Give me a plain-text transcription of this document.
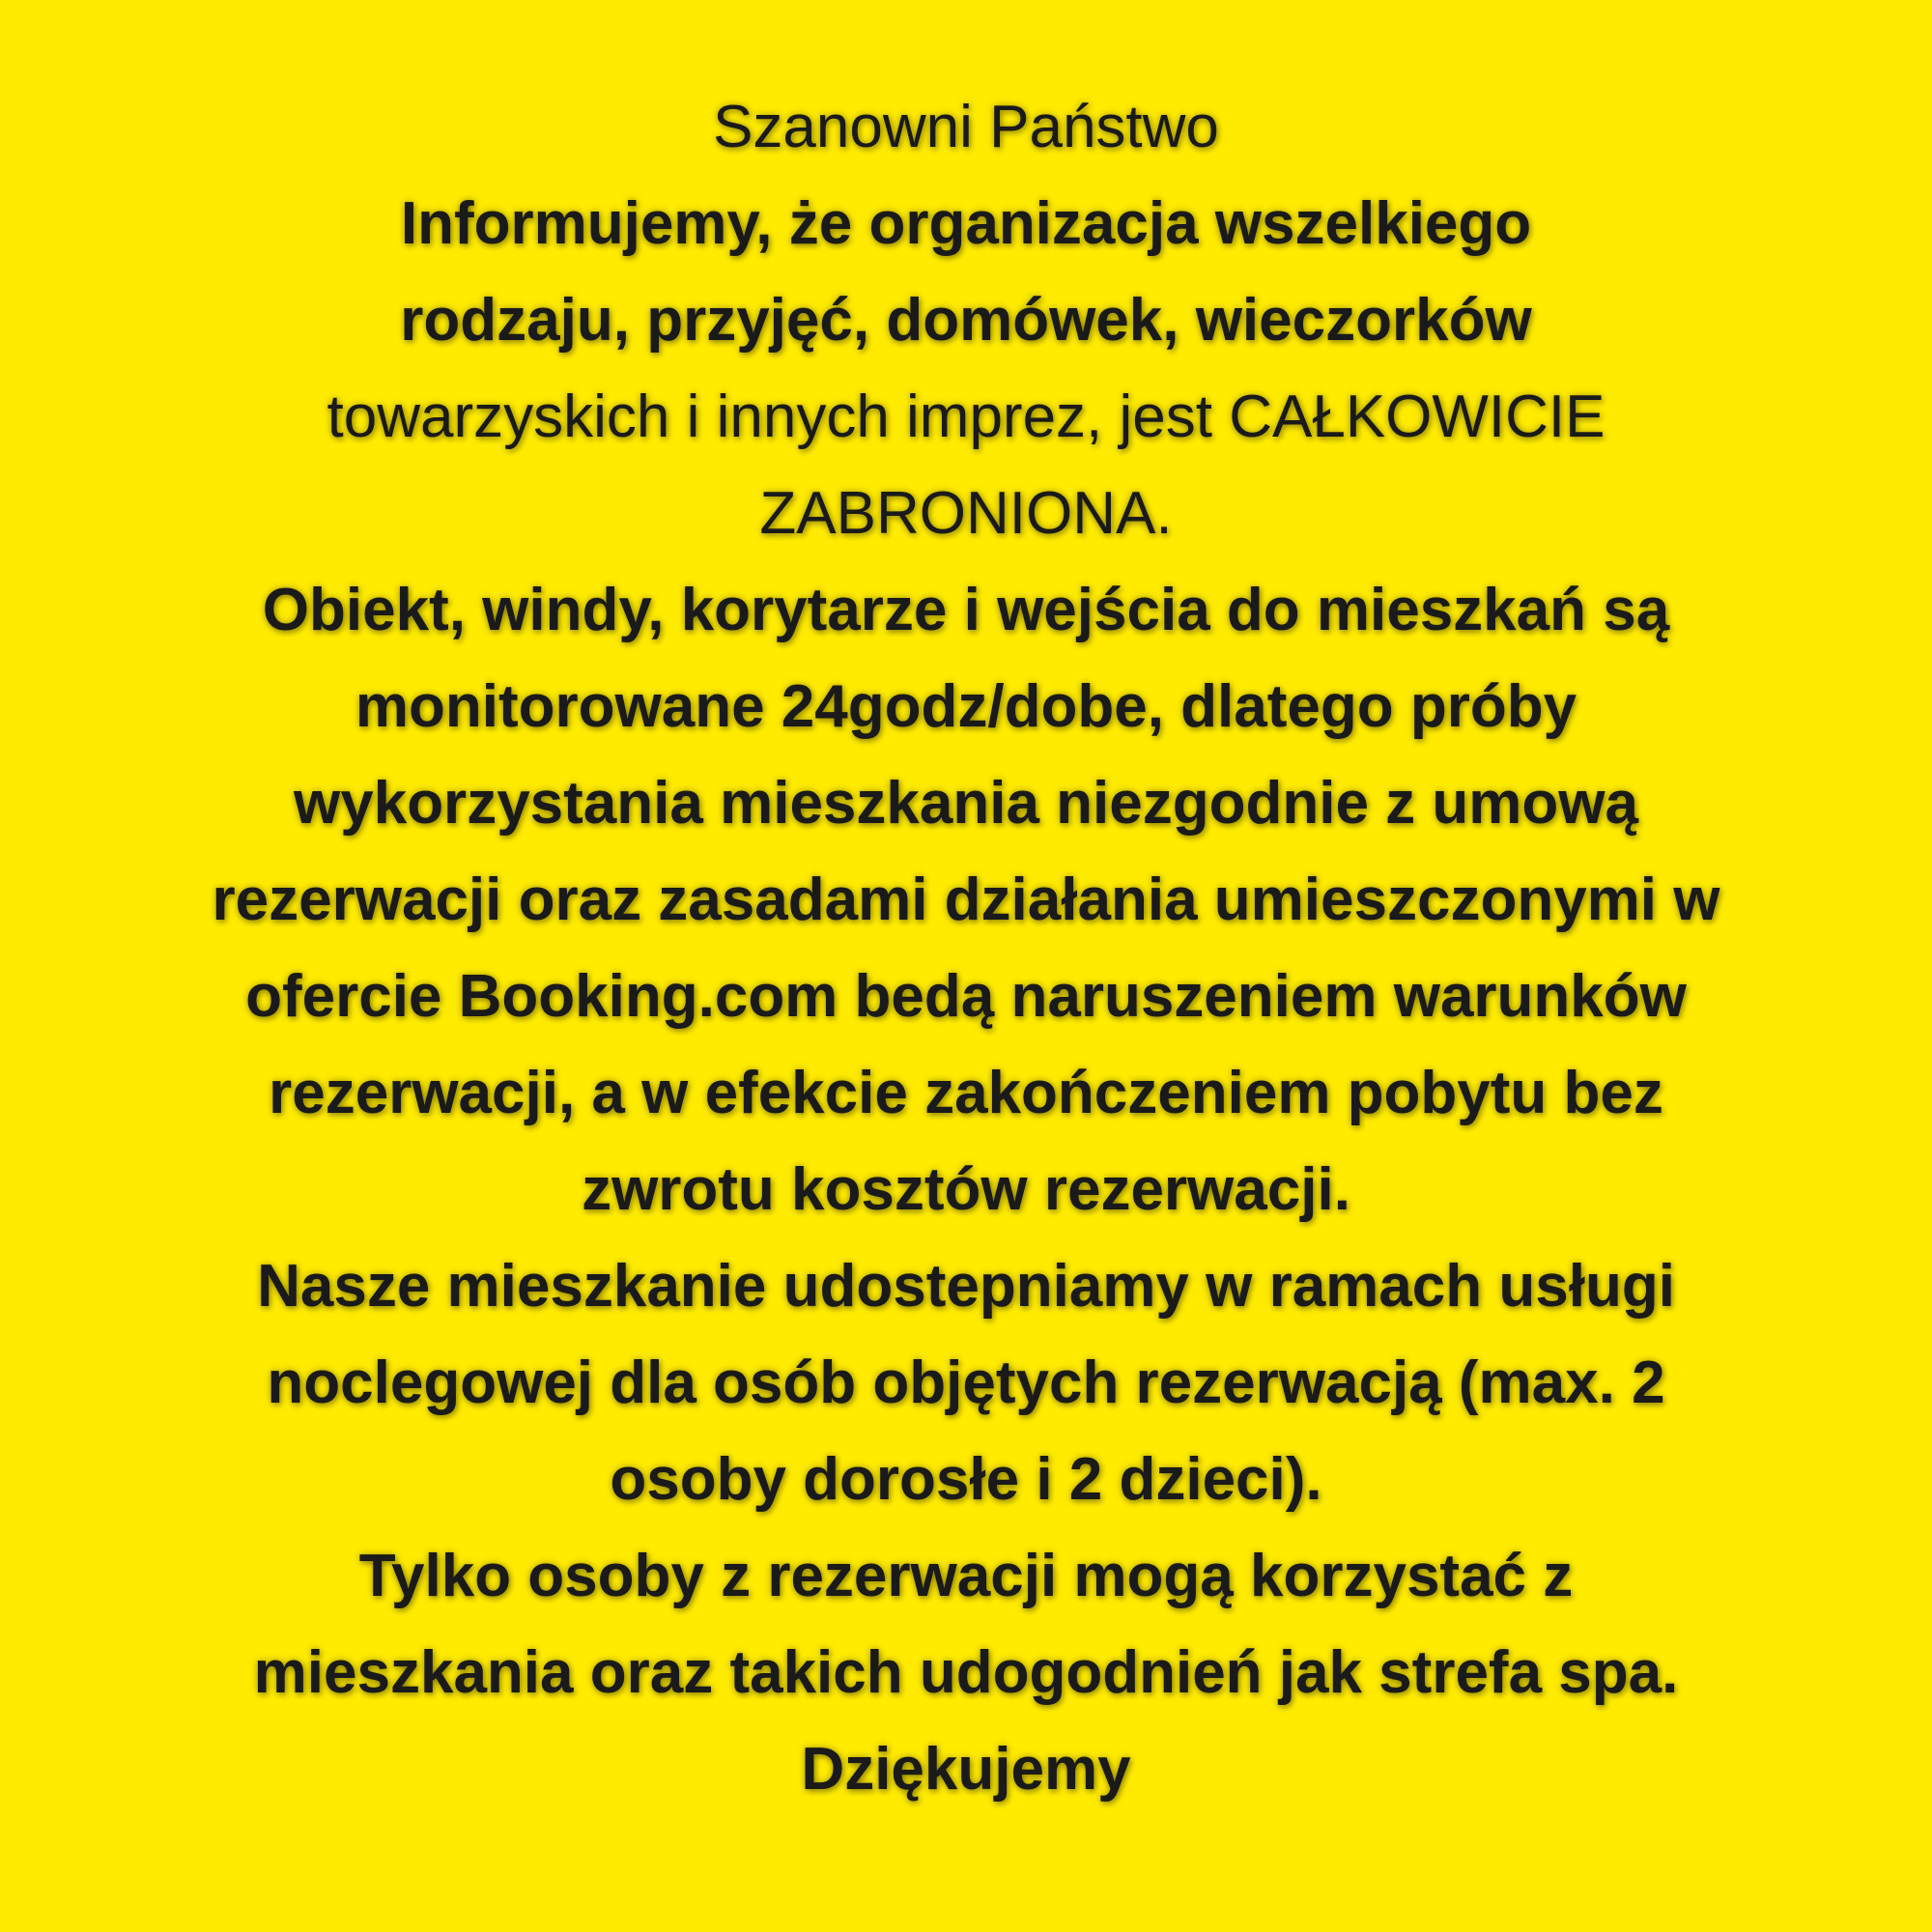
Szanowni Państwo
Informujemy, że organizacja wszelkiego
rodzaju, przyjęć, domówek, wieczorków
towarzyskich i innych imprez, jest CAŁKOWICIE
ZABRONIONA.
Obiekt, windy, korytarze i wejścia do mieszkań są
monitorowane 24godz/dobe, dlatego próby
wykorzystania mieszkania niezgodnie z umową
rezerwacji oraz zasadami działania umieszczonymi w
ofercie Booking.com bedą naruszeniem warunków
rezerwacji, a w efekcie zakończeniem pobytu bez
zwrotu kosztów rezerwacji.
Nasze mieszkanie udostepniamy w ramach usługi
noclegowej dla osób objętych rezerwacją (max. 2
osoby dorosłe i 2 dzieci).
Tylko osoby z rezerwacji mogą korzystać z
mieszkania oraz takich udogodnień jak strefa spa.
Dziękujemy
